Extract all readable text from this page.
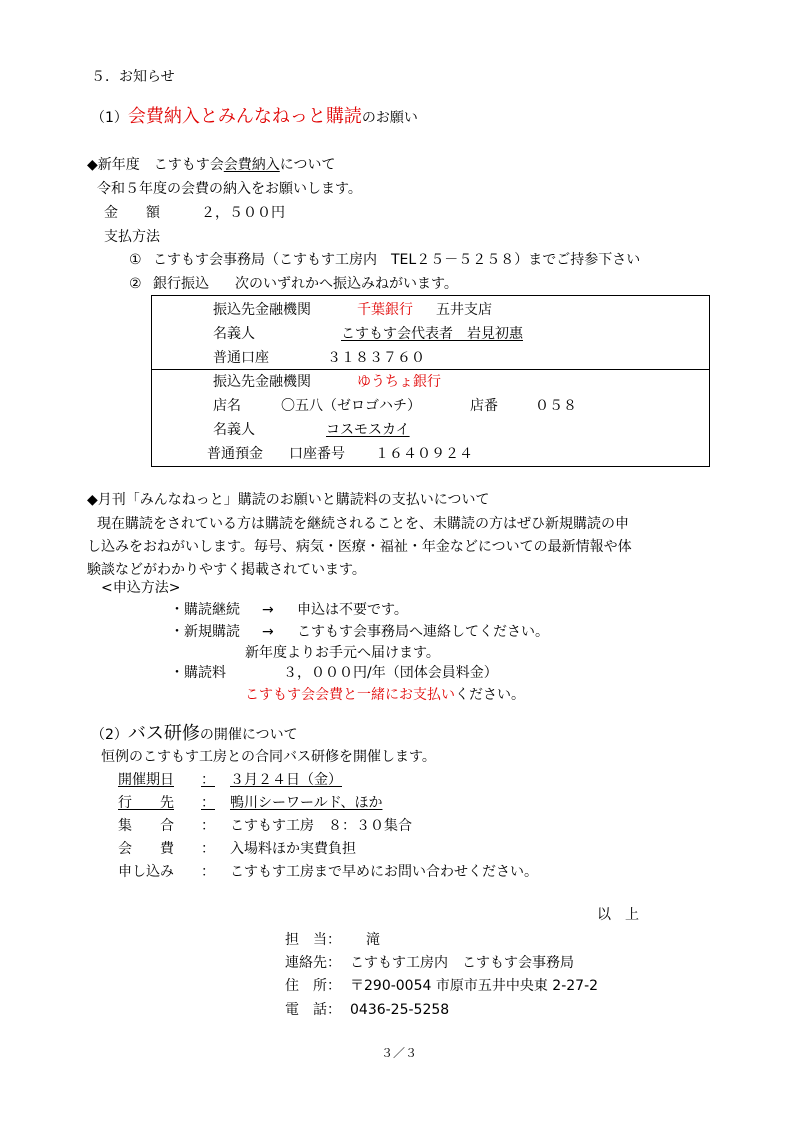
５．お知らせ
（1）会費納入とみんなねっと購読のお願い
◆新年度　こすもす会会費納入について
令和５年度の会費の納入をお願いします。
金　　額	２，５００円
支払方法
① こすもす会事務局（こすもす工房内　TEL２５－５２５８）までご持参下さい
② 銀行振込 次のいずれかへ振込みねがいます。
振込先金融機関	千葉銀行 五井支店
名義人	こすもす会代表者　岩見初惠
普通口座	３１８３７６０
振込先金融機関	ゆうちょ銀行
店名	〇五八（ゼロゴハチ）	店番	０５８
名義人	コスモスカイ
普通預金 口座番号 １６４０９２４
◆月刊「みんなねっと」購読のお願いと購読料の支払いについて
現在購読をされている方は購読を継続されることを、未購読の方はぜひ新規購読の申
し込みをおねがいします。毎号、病気・医療・福祉・年金などについての最新情報や体
験談などがわかりやすく掲載されています。
<申込方法>
・購読継続 → 申込は不要です。
・新規購読 → こすもす会事務局へ連絡してください。
新年度よりお手元へ届けます。
・購読料	３，０００円/年（団体会員料金）
こすもす会会費と一緒にお支払いください。
（2）バス研修の開催について
恒例のこすもす工房との合同バス研修を開催します。
開催期日 ： ３月２４日（金）
行　　先 ： 鴨川シーワールド、ほか
集　　合 ： こすもす工房　８：３０集合
会　　費 ： 入場料ほか実費負担
申し込み ： こすもす工房まで早めにお問い合わせください。
以　上
担　当： 滝
連絡先： こすもす工房内　こすもす会事務局
住　所： 〒290-0054 市原市五井中央東 2-27-2
電　話： 0436-25-5258
３／３
